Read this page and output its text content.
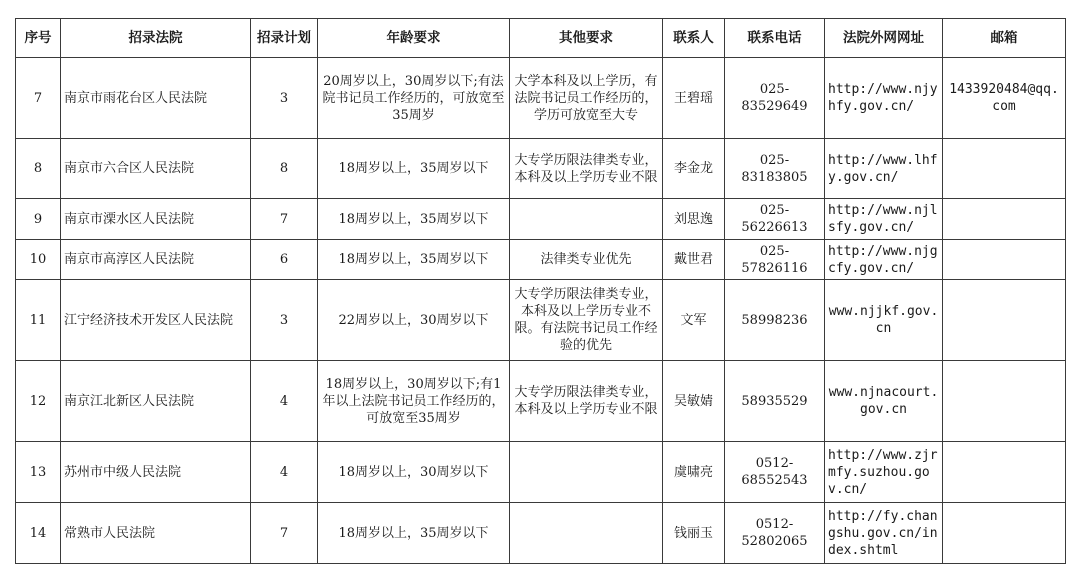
序号	招录法院	招录计划	年龄要求	其他要求	联系人	联系电话	法院外网网址	邮箱
7	南京市雨花台区人民法院	3	20周岁以上，30周岁以下;有法院书记员工作经历的，可放宽至35周岁	大学本科及以上学历，有法院书记员工作经历的，学历可放宽至大专	王碧瑶	025-83529649	http://www.njyhfy.gov.cn/	1433920484@qq.com
8	南京市六合区人民法院	8	18周岁以上，35周岁以下	大专学历限法律类专业，本科及以上学历专业不限	李金龙	025-83183805	http://www.lhfy.gov.cn/	
9	南京市溧水区人民法院	7	18周岁以上，35周岁以下		刘思逸	025-56226613	http://www.njlsfy.gov.cn/	
10	南京市高淳区人民法院	6	18周岁以上，35周岁以下	法律类专业优先	戴世君	025-57826116	http://www.njgcfy.gov.cn/	
11	江宁经济技术开发区人民法院	3	22周岁以上，30周岁以下	大专学历限法律类专业，本科及以上学历专业不限。有法院书记员工作经验的优先	文军	58998236	www.njjkf.gov.cn	
12	南京江北新区人民法院	4	18周岁以上，30周岁以下;有1年以上法院书记员工作经历的，可放宽至35周岁	大专学历限法律类专业，本科及以上学历专业不限	吴敏婧	58935529	www.njnacourt.gov.cn	
13	苏州市中级人民法院	4	18周岁以上，30周岁以下		虞啸亮	0512-68552543	http://www.zjrmfy.suzhou.gov.cn/	
14	常熟市人民法院	7	18周岁以上，35周岁以下		钱丽玉	0512-52802065	http://fy.changshu.gov.cn/index.shtml	
